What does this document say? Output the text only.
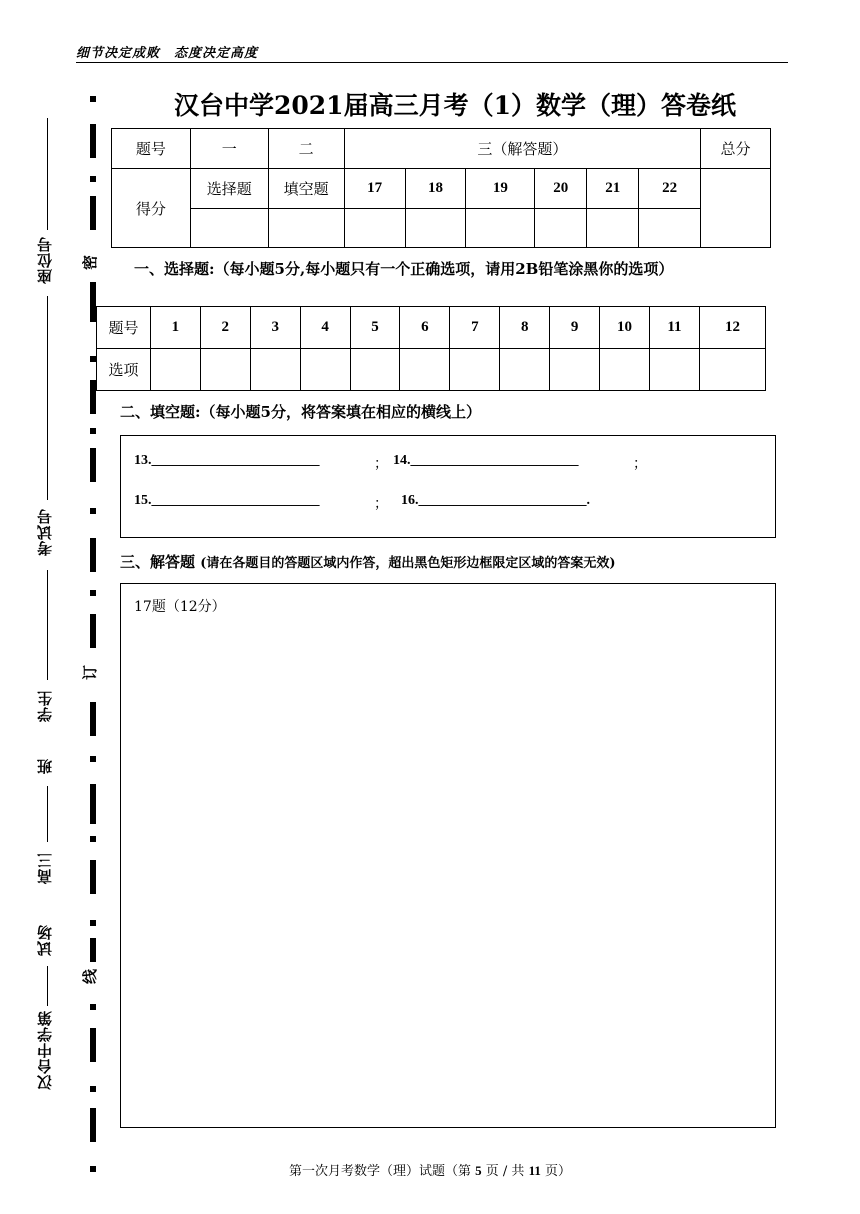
细节决定成败　态度决定高度
汉台中学2021届高三月考（1）数学（理）答卷纸
题号	一	二	三（解答题）						总分
得分	选择题	填空题	17	18	19	20	21	22	

一、选择题:（每小题5分,每小题只有一个正确选项，请用2B铅笔涂黑你的选项）
题号	1	2	3	4	5	6	7	8	9	10	11	12
选项												
二、填空题:（每小题5分，将答案填在相应的横线上）
13.________________________	； 14.________________________	；
15.________________________	； 16.________________________.
三、解答题 (请在各题目的答题区域内作答，超出黑色矩形边框限定区域的答案无效)
17题（12分）
第一次月考数学（理）试题（第 5 页 / 共 11 页）
密
订
线
座位号
考试号
学生
班
高三
试场
汉台中学第
